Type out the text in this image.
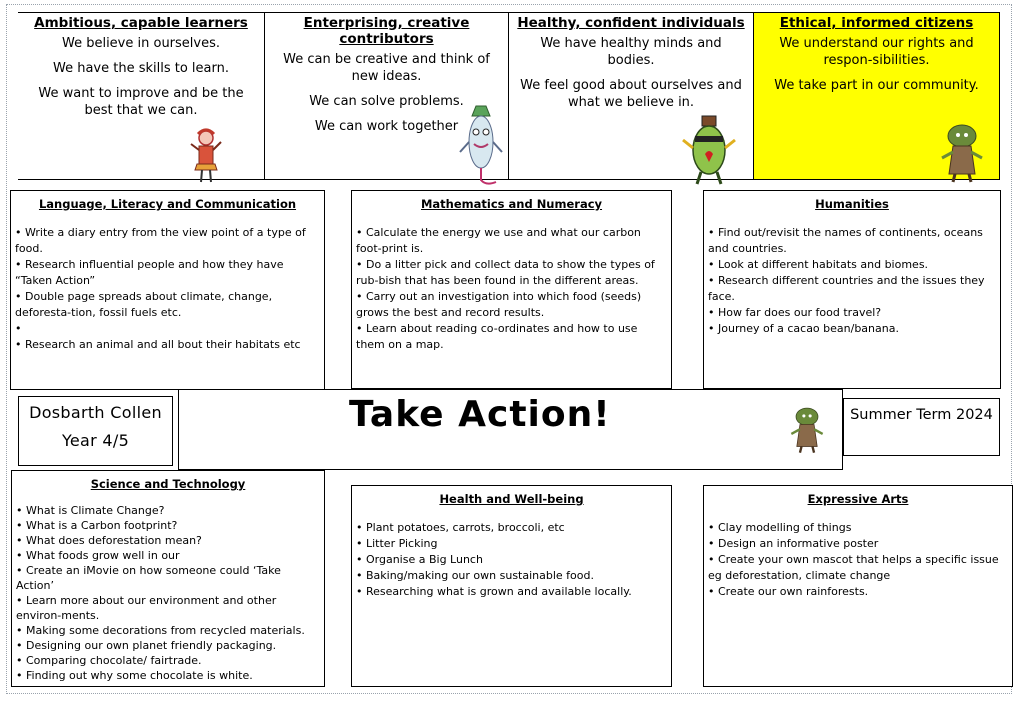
Ambitious, capable learners

We believe in ourselves.

We have the skills to learn.

We want to improve and be the best that we can.

Enterprising, creative contributors

We can be creative and think of new ideas.

We can solve problems.

We can work together

Healthy, confident individuals

We have healthy minds and bodies.

We feel good about ourselves and what we believe in.

Ethical, informed citizens

We understand our rights and respon-sibilities.

We take part in our community.

Language, Literacy and Communication
• Write a diary entry from the view point of a type of food.
• Research influential people and how they have “Taken Action”
• Double page spreads about climate, change, deforesta-tion, fossil fuels etc.
•
• Research an animal and all bout their habitats etc
Mathematics and Numeracy
• Calculate the energy we use and what our carbon foot-print is.
• Do a litter pick and collect data to show the types of rub-bish that has been found in the different areas.
• Carry out an investigation into which food (seeds) grows the best and record results.
• Learn about reading co-ordinates and how to use them on a map.
Humanities
• Find out/revisit the names of continents, oceans and countries.
• Look at different habitats and biomes.
• Research different countries and the issues they face.
• How far does our food travel?
• Journey of a cacao bean/banana.
Dosbarth Collen
Year 4/5
Take Action!	Summer Term 2024
Science and Technology
• What is Climate Change?
• What is a Carbon footprint?
• What does deforestation mean?
• What foods grow well in our
• Create an iMovie on how someone could ‘Take Action’
• Learn more about our environment and other environ-ments.
• Making some decorations from recycled materials.
• Designing our own planet friendly packaging.
• Comparing chocolate/ fairtrade.
• Finding out why some chocolate is white.
Health and Well-being
• Plant potatoes, carrots, broccoli, etc
• Litter Picking
• Organise a Big Lunch
• Baking/making our own sustainable food.
• Researching what is grown and available locally.
Expressive Arts
• Clay modelling of things
• Design an informative poster
• Create your own mascot that helps a specific issue eg deforestation, climate change
• Create our own rainforests.
